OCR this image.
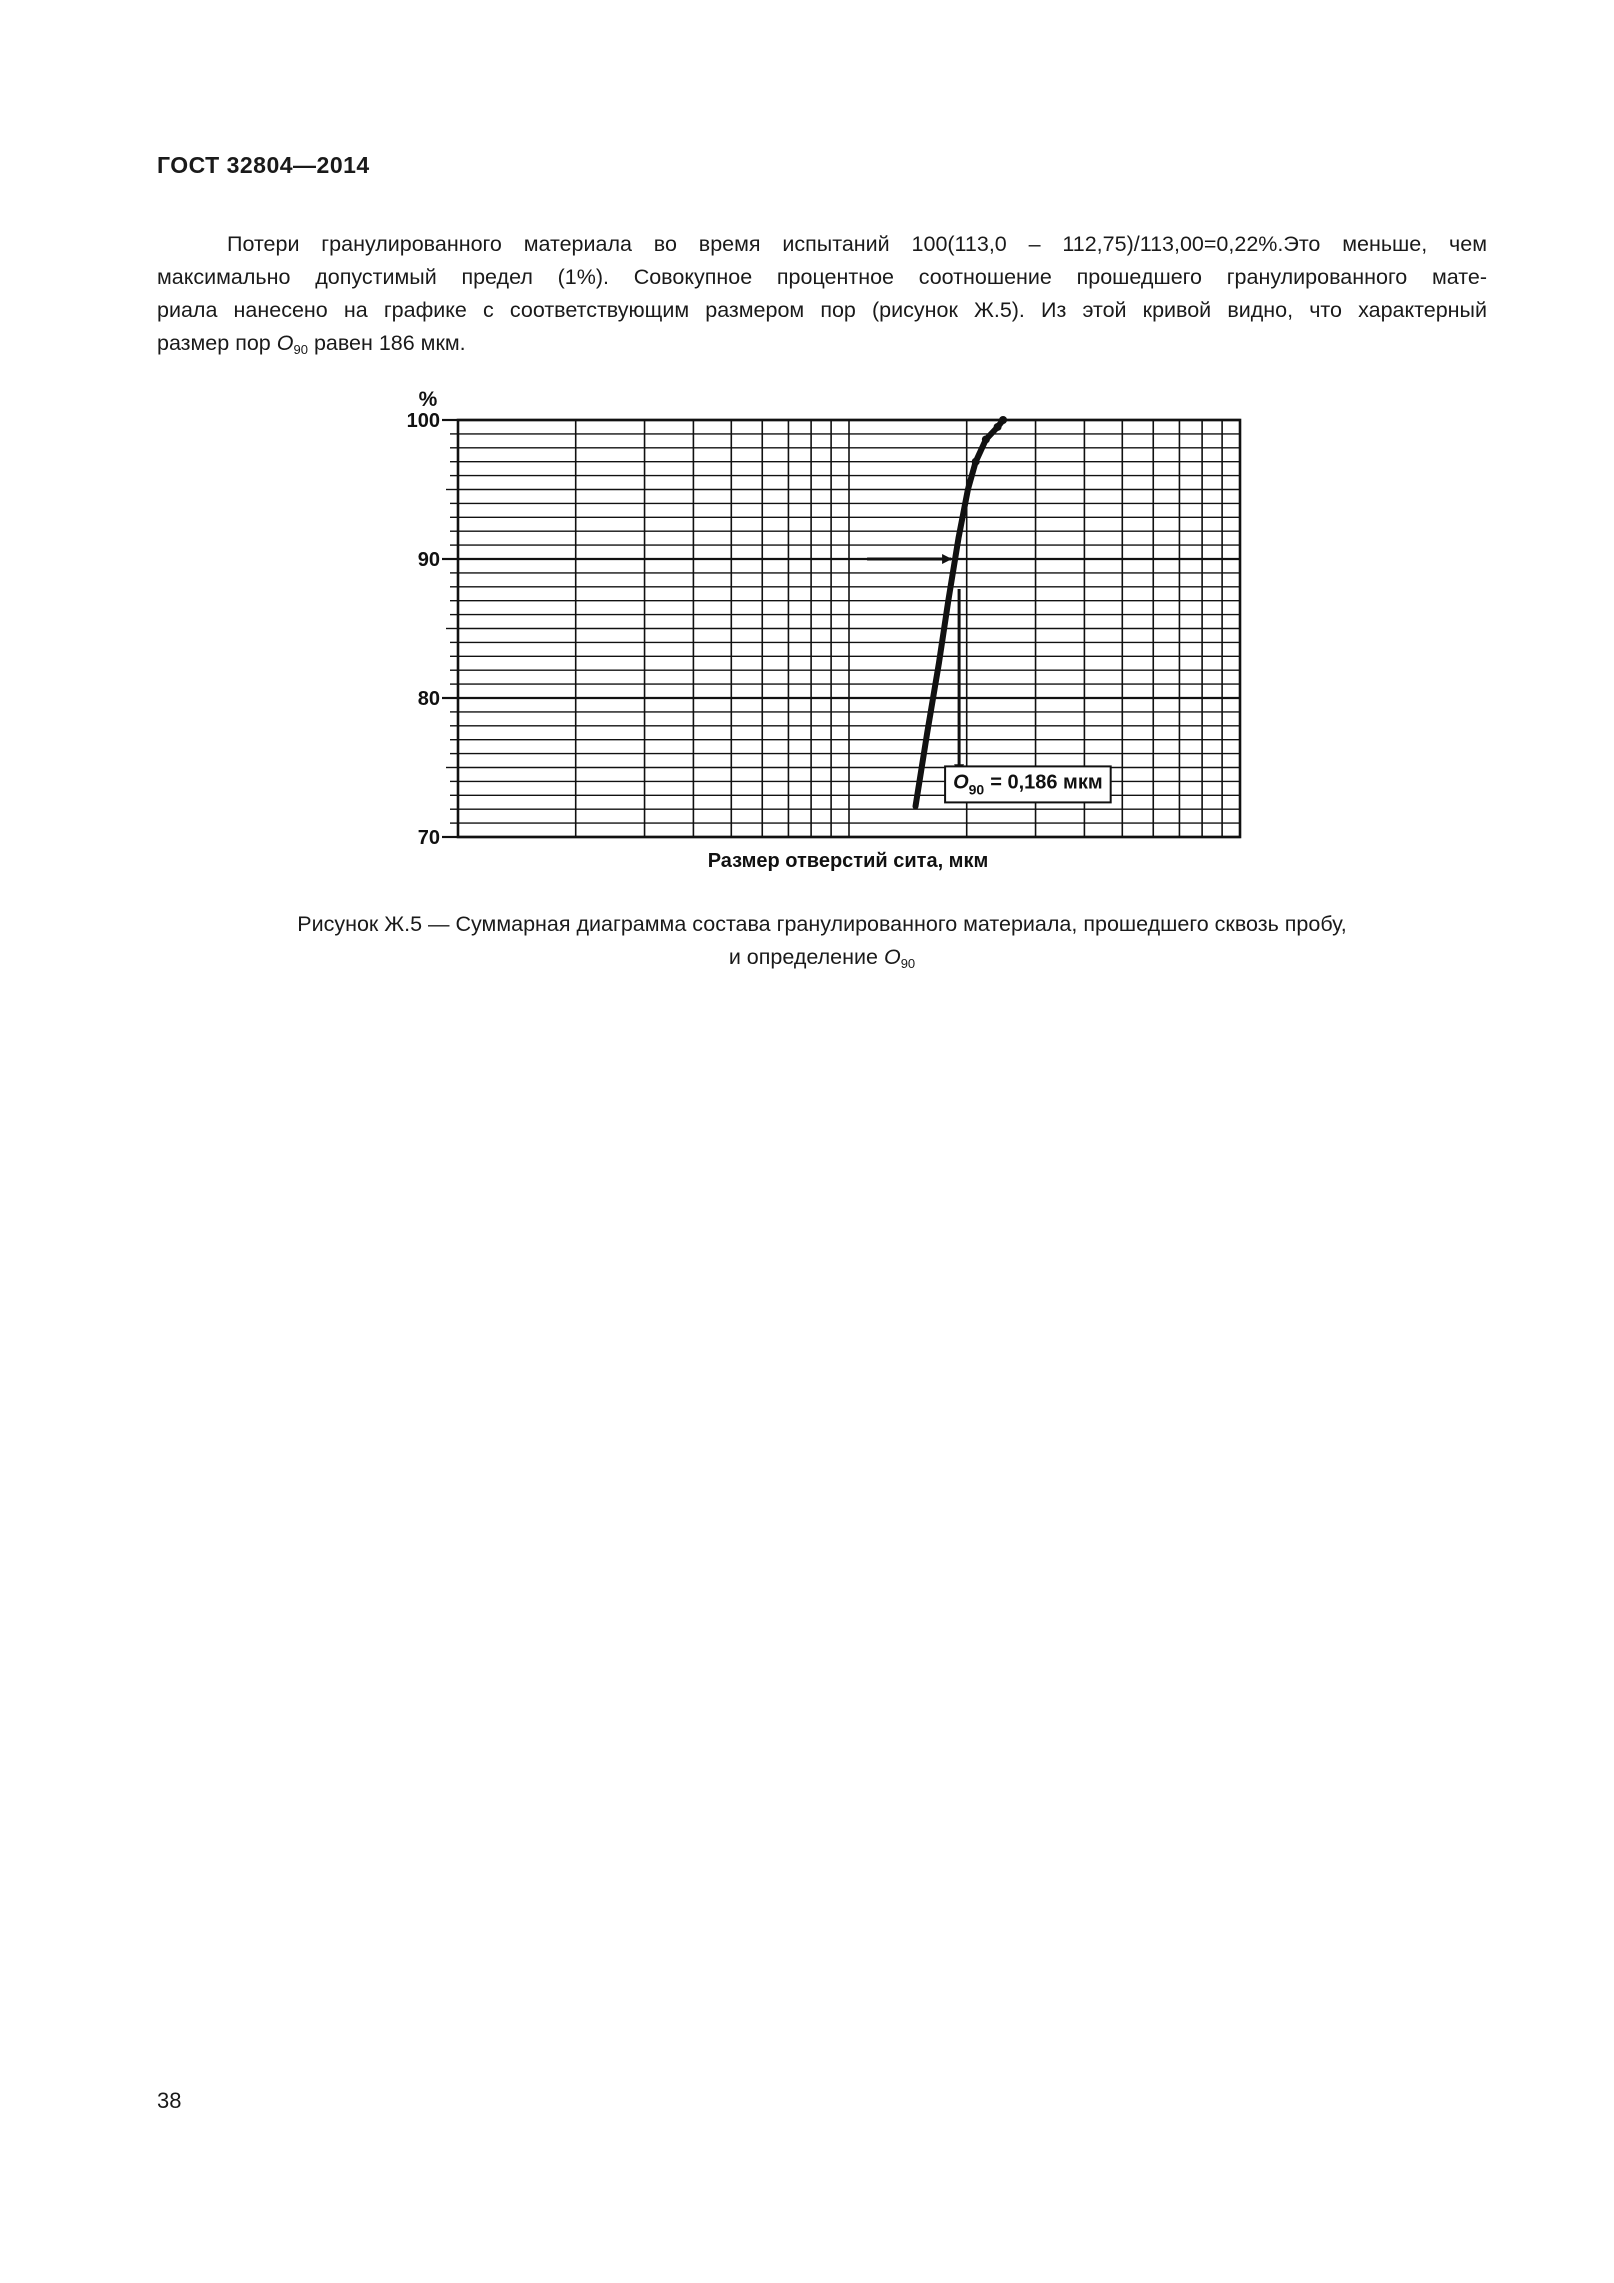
ГОСТ 32804—2014
Потери гранулированного материала во время испытаний 100(113,0 – 112,75)/113,00=0,22%.Это меньше, чем
максимально допустимый предел (1%). Совокупное процентное соотношение прошедшего гранулированного мате-
риала нанесено на графике с соответствующим размером пор (рисунок Ж.5). Из этой кривой видно, что характерный
размер пор $O_{90}$ равен 186 мкм.
100
90
80
70
%
Размер отверстий сита, мкм
$O_{90} = 0,186$ мкм
Рисунок Ж.5 — Суммарная диаграмма состава гранулированного материала, прошедшего сквозь пробу,
и определение $O_{90}$
38
